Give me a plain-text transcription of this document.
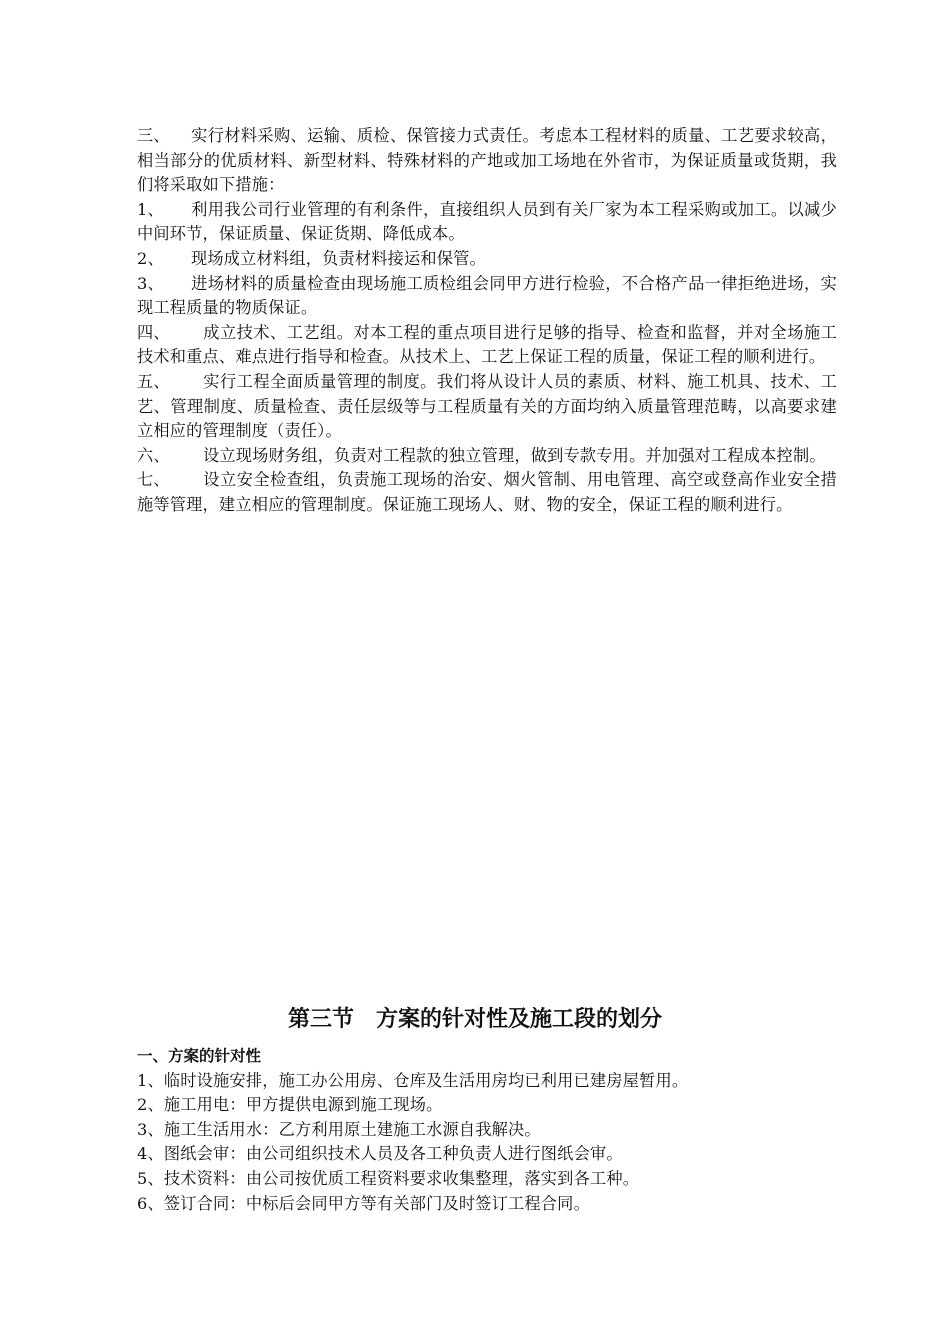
三、 实行材料采购、运输、质检、保管接力式责任。考虑本工程材料的质量、工艺要求较高，相当部分的优质材料、新型材料、特殊材料的产地或加工场地在外省市，为保证质量或货期，我们将采取如下措施：

1、 利用我公司行业管理的有利条件，直接组织人员到有关厂家为本工程采购或加工。以减少中间环节，保证质量、保证货期、降低成本。

2、 现场成立材料组，负责材料接运和保管。

3、 进场材料的质量检查由现场施工质检组会同甲方进行检验，不合格产品一律拒绝进场，实现工程质量的物质保证。

四、 成立技术、工艺组。对本工程的重点项目进行足够的指导、检查和监督，并对全场施工技术和重点、难点进行指导和检查。从技术上、工艺上保证工程的质量，保证工程的顺利进行。

五、 实行工程全面质量管理的制度。我们将从设计人员的素质、材料、施工机具、技术、工艺、管理制度、质量检查、责任层级等与工程质量有关的方面均纳入质量管理范畴，以高要求建立相应的管理制度（责任）。

六、 设立现场财务组，负责对工程款的独立管理，做到专款专用。并加强对工程成本控制。

七、 设立安全检查组，负责施工现场的治安、烟火管制、用电管理、高空或登高作业安全措施等管理，建立相应的管理制度。保证施工现场人、财、物的安全，保证工程的顺利进行。

第三节　方案的针对性及施工段的划分

一、方案的针对性

1、临时设施安排，施工办公用房、仓库及生活用房均已利用已建房屋暂用。

2、施工用电：甲方提供电源到施工现场。

3、施工生活用水：乙方利用原土建施工水源自我解决。

4、图纸会审：由公司组织技术人员及各工种负责人进行图纸会审。

5、技术资料：由公司按优质工程资料要求收集整理，落实到各工种。

6、签订合同：中标后会同甲方等有关部门及时签订工程合同。
